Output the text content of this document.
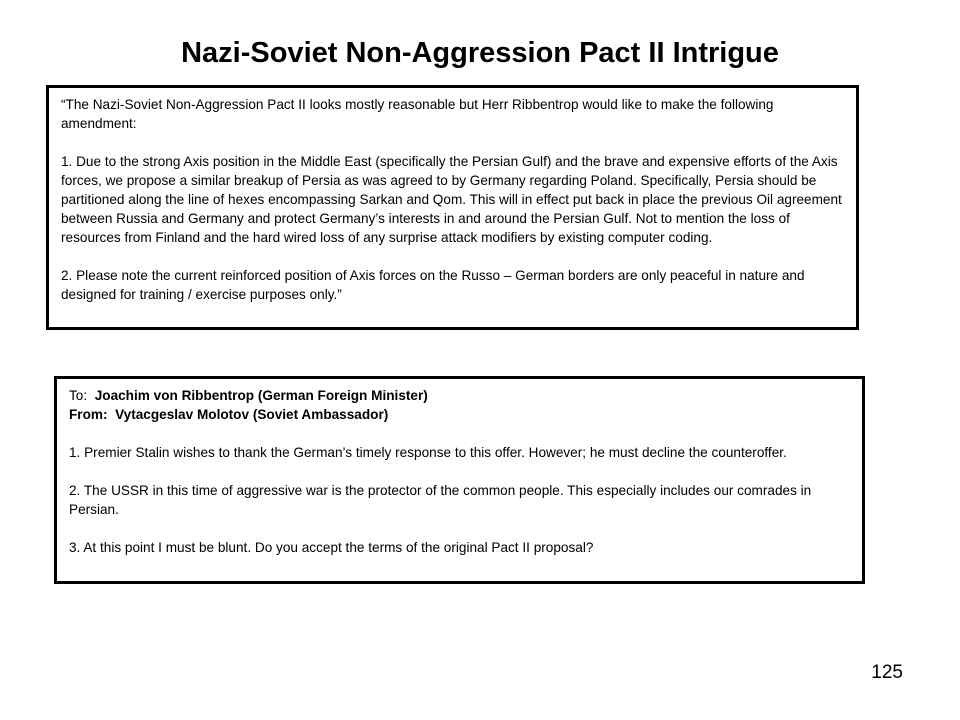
Nazi-Soviet Non-Aggression Pact II Intrigue

“The Nazi-Soviet Non-Aggression Pact II looks mostly reasonable but Herr Ribbentrop would like to make the following amendment:

1. Due to the strong Axis position in the Middle East (specifically the Persian Gulf) and the brave and expensive efforts of the Axis forces, we propose a similar breakup of Persia as was agreed to by Germany regarding Poland. Specifically, Persia should be partitioned along the line of hexes encompassing Sarkan and Qom. This will in effect put back in place the previous Oil agreement between Russia and Germany and protect Germany’s interests in and around the Persian Gulf. Not to mention the loss of resources from Finland and the hard wired loss of any surprise attack modifiers by existing computer coding.

2. Please note the current reinforced position of Axis forces on the Russo – German borders are only peaceful in nature and designed for training / exercise purposes only.”

To: Joachim von Ribbentrop (German Foreign Minister)

From: Vytacgeslav Molotov (Soviet Ambassador)

1. Premier Stalin wishes to thank the German’s timely response to this offer. However; he must decline the counteroffer.

2. The USSR in this time of aggressive war is the protector of the common people. This especially includes our comrades in Persian.

3. At this point I must be blunt. Do you accept the terms of the original Pact II proposal?

125
